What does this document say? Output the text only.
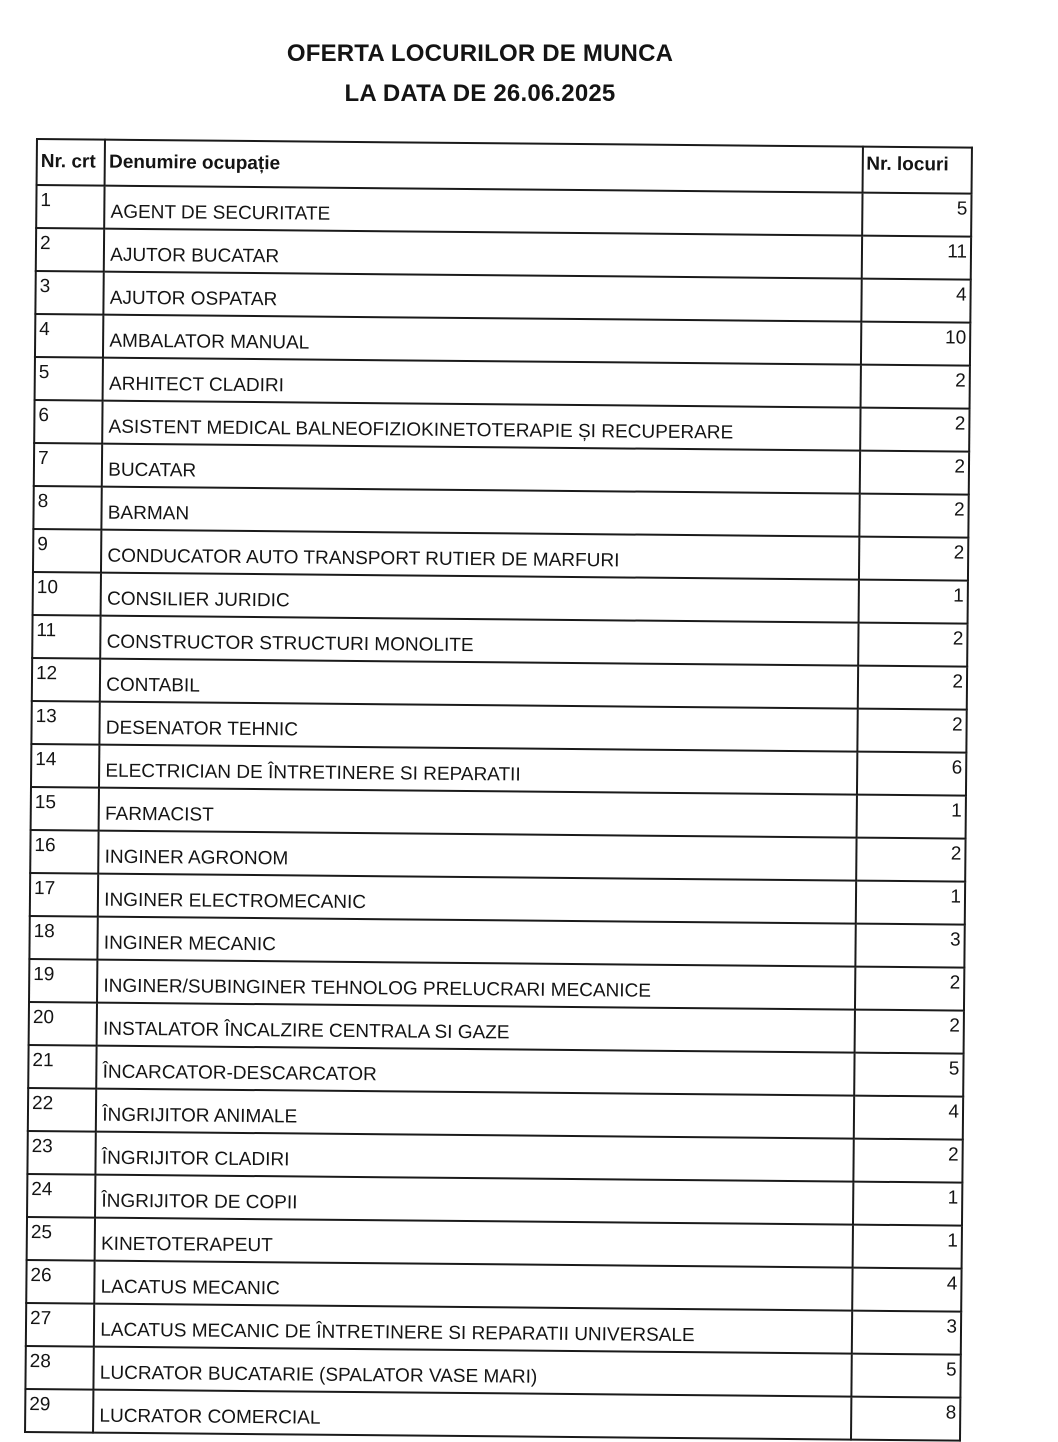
OFERTA LOCURILOR DE MUNCA
LA DATA DE 26.06.2025
Nr. crt	Denumire ocupație	Nr. locuri
1	AGENT DE SECURITATE	5
2	AJUTOR BUCATAR	11
3	AJUTOR OSPATAR	4
4	AMBALATOR MANUAL	10
5	ARHITECT CLADIRI	2
6	ASISTENT MEDICAL BALNEOFIZIOKINETOTERAPIE ȘI RECUPERARE	2
7	BUCATAR	2
8	BARMAN	2
9	CONDUCATOR AUTO TRANSPORT RUTIER DE MARFURI	2
10	CONSILIER JURIDIC	1
11	CONSTRUCTOR STRUCTURI MONOLITE	2
12	CONTABIL	2
13	DESENATOR TEHNIC	2
14	ELECTRICIAN DE ÎNTRETINERE SI REPARATII	6
15	FARMACIST	1
16	INGINER AGRONOM	2
17	INGINER ELECTROMECANIC	1
18	INGINER MECANIC	3
19	INGINER/SUBINGINER TEHNOLOG PRELUCRARI MECANICE	2
20	INSTALATOR ÎNCALZIRE CENTRALA SI GAZE	2
21	ÎNCARCATOR-DESCARCATOR	5
22	ÎNGRIJITOR ANIMALE	4
23	ÎNGRIJITOR CLADIRI	2
24	ÎNGRIJITOR DE COPII	1
25	KINETOTERAPEUT	1
26	LACATUS MECANIC	4
27	LACATUS MECANIC DE ÎNTRETINERE SI REPARATII UNIVERSALE	3
28	LUCRATOR BUCATARIE (SPALATOR VASE MARI)	5
29	LUCRATOR COMERCIAL	8
